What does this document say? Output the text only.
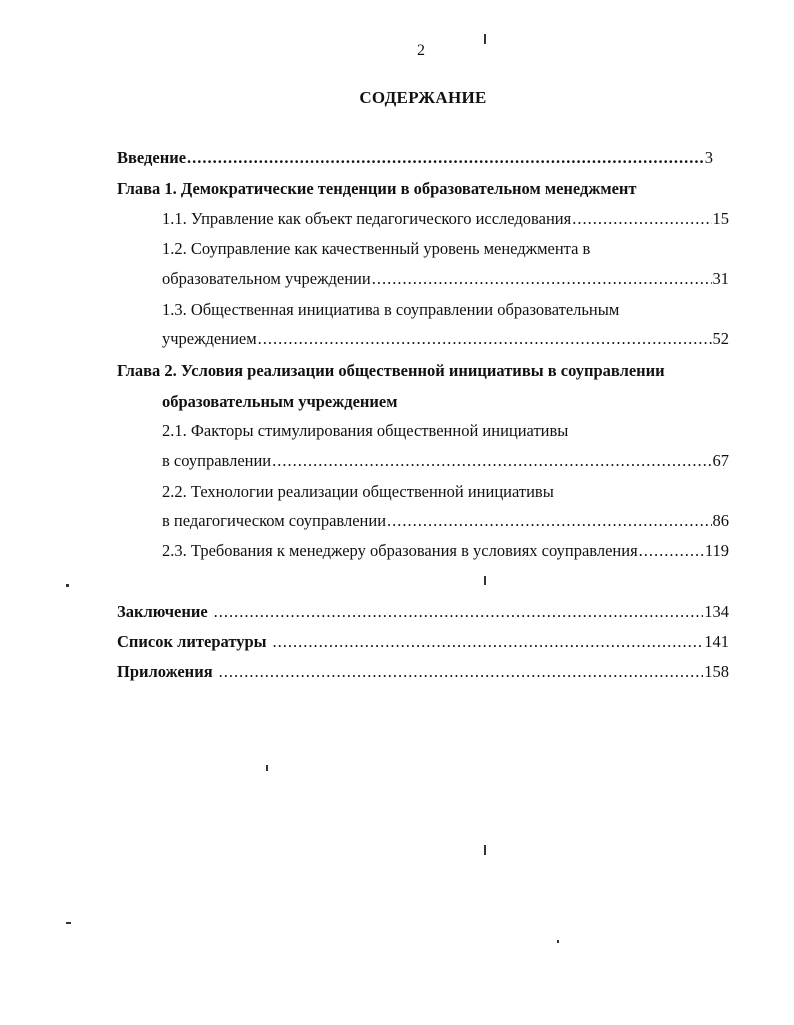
2
СОДЕРЖАНИЕ
Введение .....	3
Глава 1. Демократические тенденции в образовательном менеджмент
1.1. Управление как объект педагогического исследования .....	15
1.2. Соуправление как качественный уровень менеджмента в
образовательном учреждении .....	31
1.3. Общественная инициатива в соуправлении образовательным
учреждением .....	52
Глава 2. Условия реализации общественной инициативы в соуправлении
образовательным учреждением
2.1. Факторы стимулирования общественной инициативы
в соуправлении .....	67
2.2. Технологии реализации общественной инициативы
в педагогическом соуправлении .....	86
2.3. Требования к менеджеру образования в условиях соуправления .....	119
Заключение .....	134
Список литературы .....	141
Приложения .....	158
